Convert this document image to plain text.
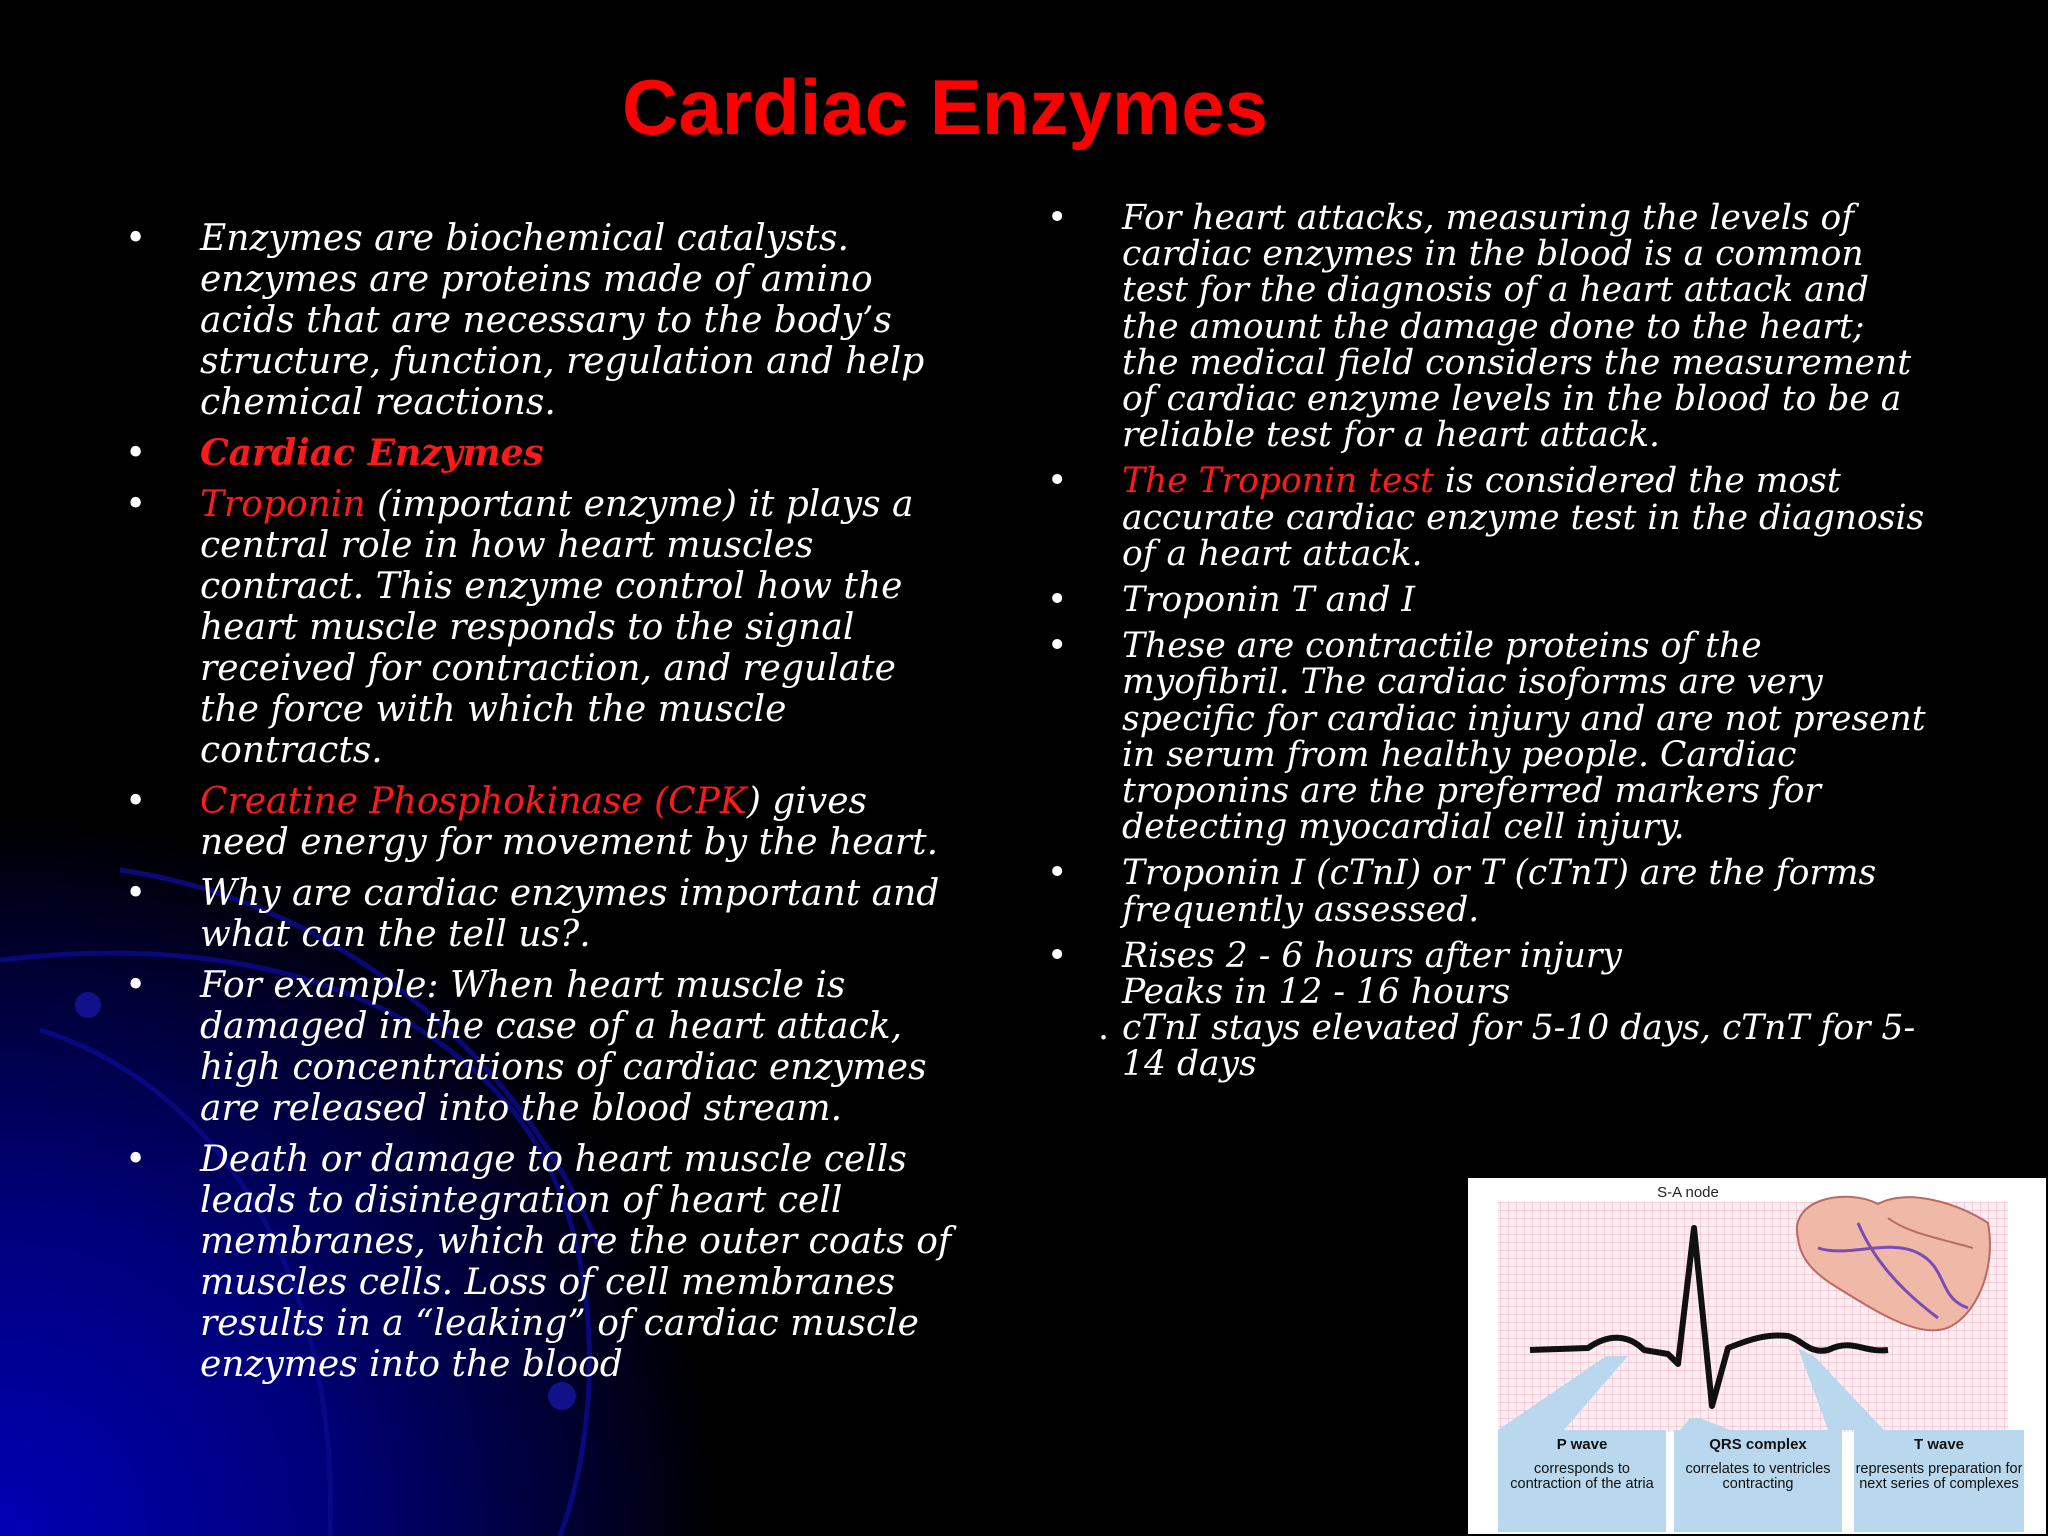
Cardiac Enzymes
• Enzymes are biochemical catalysts. enzymes are proteins made of amino acids that are necessary to the body’s structure, function, regulation and help chemical reactions.
• Cardiac Enzymes
• Troponin (important enzyme) it plays a central role in how heart muscles contract. This enzyme control how the heart muscle responds to the signal received for contraction, and regulate the force with which the muscle contracts.
• Creatine Phosphokinase (CPK) gives need energy for movement by the heart.
• Why are cardiac enzymes important and what can the tell us?.
• For example: When heart muscle is damaged in the case of a heart attack, high concentrations of cardiac enzymes are released into the blood stream.
• Death or damage to heart muscle cells leads to disintegration of heart cell membranes, which are the outer coats of muscles cells. Loss of cell membranes results in a “leaking” of cardiac muscle enzymes into the blood
• For heart attacks, measuring the levels of cardiac enzymes in the blood is a common test for the diagnosis of a heart attack and the amount the damage done to the heart; the medical field considers the measurement of cardiac enzyme levels in the blood to be a reliable test for a heart attack.
• The Troponin test is considered the most accurate cardiac enzyme test in the diagnosis of a heart attack.
• Troponin T and I
• These are contractile proteins of the myofibril. The cardiac isoforms are very specific for cardiac injury and are not present in serum from healthy people. Cardiac troponins are the preferred markers for detecting myocardial cell injury.
• Troponin I (cTnI) or T (cTnT) are the forms frequently assessed.
• Rises 2 - 6 hours after injury
Peaks in 12 - 16 hours
. cTnI stays elevated for 5-10 days, cTnT for 5-14 days
S-A node
P wave
corresponds to contraction of the atria
QRS complex
correlates to ventricles contracting
T wave
represents preparation for next series of complexes
